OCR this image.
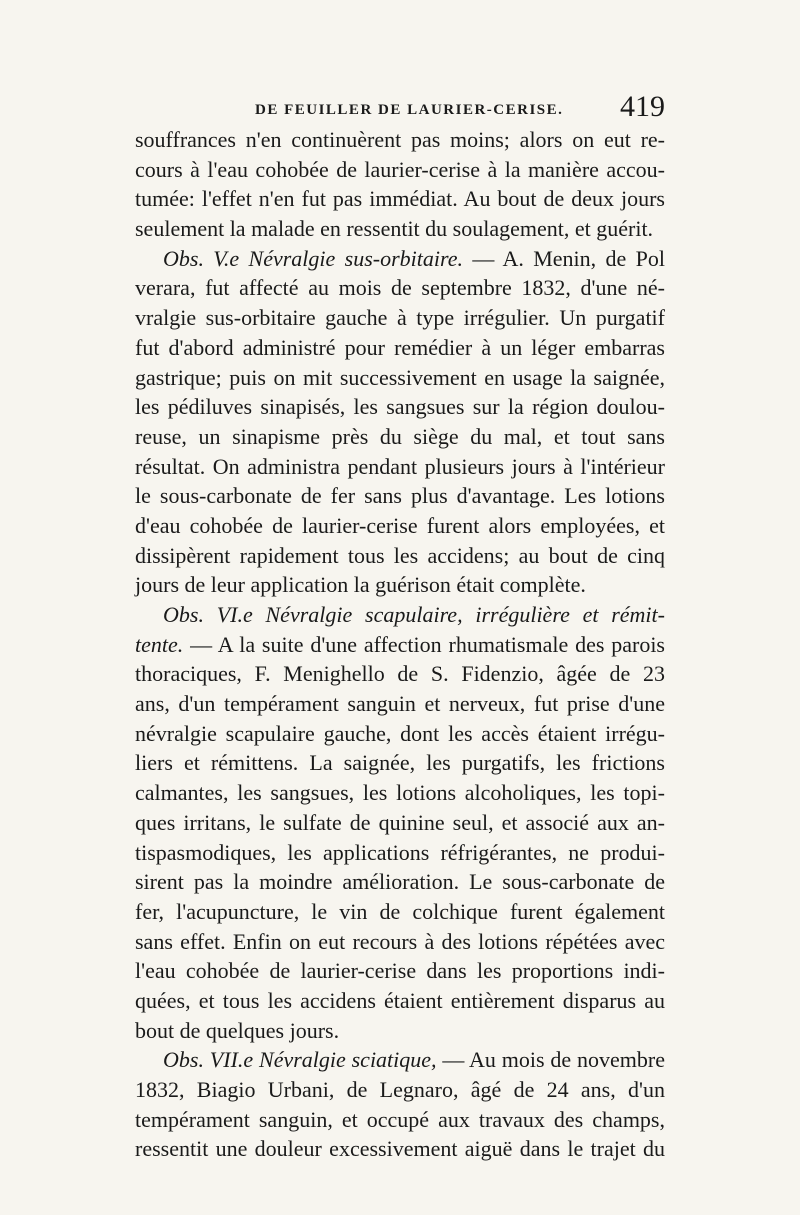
DE FEUILLER DE LAURIER-CERISE. 419
souffrances n'en continuèrent pas moins; alors on eut re-
cours à l'eau cohobée de laurier-cerise à la manière accou-
tumée: l'effet n'en fut pas immédiat. Au bout de deux jours
seulement la malade en ressentit du soulagement, et guérit.
Obs. V.e Névralgie sus-orbitaire. — A. Menin, de Pol
verara, fut affecté au mois de septembre 1832, d'une né-
vralgie sus-orbitaire gauche à type irrégulier. Un purgatif
fut d'abord administré pour remédier à un léger embarras
gastrique; puis on mit successivement en usage la saignée,
les pédiluves sinapisés, les sangsues sur la région doulou-
reuse, un sinapisme près du siège du mal, et tout sans
résultat. On administra pendant plusieurs jours à l'intérieur
le sous-carbonate de fer sans plus d'avantage. Les lotions
d'eau cohobée de laurier-cerise furent alors employées, et
dissipèrent rapidement tous les accidens; au bout de cinq
jours de leur application la guérison était complète.
Obs. VI.e Névralgie scapulaire, irrégulière et rémit-
tente. — A la suite d'une affection rhumatismale des parois
thoraciques, F. Menighello de S. Fidenzio, âgée de 23
ans, d'un tempérament sanguin et nerveux, fut prise d'une
névralgie scapulaire gauche, dont les accès étaient irrégu-
liers et rémittens. La saignée, les purgatifs, les frictions
calmantes, les sangsues, les lotions alcoholiques, les topi-
ques irritans, le sulfate de quinine seul, et associé aux an-
tispasmodiques, les applications réfrigérantes, ne produi-
sirent pas la moindre amélioration. Le sous-carbonate de
fer, l'acupuncture, le vin de colchique furent également
sans effet. Enfin on eut recours à des lotions répétées avec
l'eau cohobée de laurier-cerise dans les proportions indi-
quées, et tous les accidens étaient entièrement disparus au
bout de quelques jours.
Obs. VII.e Névralgie sciatique, — Au mois de novembre
1832, Biagio Urbani, de Legnaro, âgé de 24 ans, d'un
tempérament sanguin, et occupé aux travaux des champs,
ressentit une douleur excessivement aiguë dans le trajet du
